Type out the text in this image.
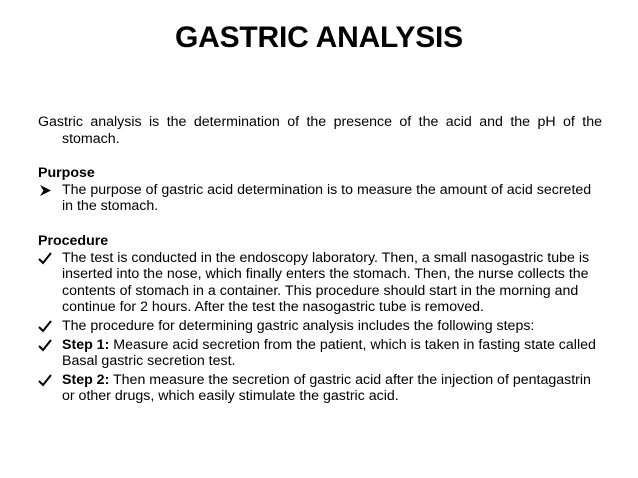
GASTRIC ANALYSIS

Gastric analysis is the determination of the presence of the acid and the pH of the stomach.

Purpose

The purpose of gastric acid determination is to measure the amount of acid secreted in the stomach.

Procedure

The test is conducted in the endoscopy laboratory. Then, a small nasogastric tube is inserted into the nose, which finally enters the stomach. Then, the nurse collects the contents of stomach in a container. This procedure should start in the morning and continue for 2 hours. After the test the nasogastric tube is removed.
The procedure for determining gastric analysis includes the following steps:
Step 1: Measure acid secretion from the patient, which is taken in fasting state called Basal gastric secretion test.
Step 2: Then measure the secretion of gastric acid after the injection of pentagastrin or other drugs, which easily stimulate the gastric acid.
